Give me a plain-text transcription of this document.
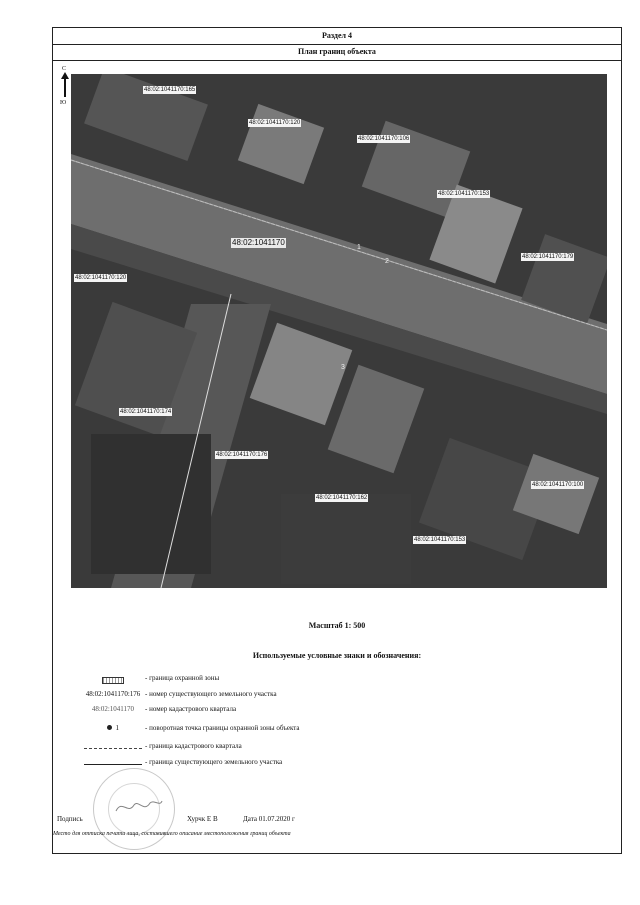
Раздел 4
План границ объекта
С
Ю
48:02:1041170:165
48:02:1041170:120
48:02:1041170:106
48:02:1041170:153
48:02:1041170:179
48:02:1041170:120
48:02:1041170:174
48:02:1041170:176
48:02:1041170:162
48:02:1041170:100
48:02:1041170:153
48:02:1041170
1
2
3
Масштаб 1: 500
Используемые условные знаки и обозначения:
- граница охранной зоны
48:02:1041170:176 - номер существующего земельного участка
48:02:1041170	- номер кадастрового квартала
1	- поворотная точка границы охранной зоны объекта
- граница кадастрового квартала
- граница существующего земельного участка
Подпись	Хурчк Е В	Дата 01.07.2020 г
Место для оттиска печати лица, составившего описание местоположения границ объекта
